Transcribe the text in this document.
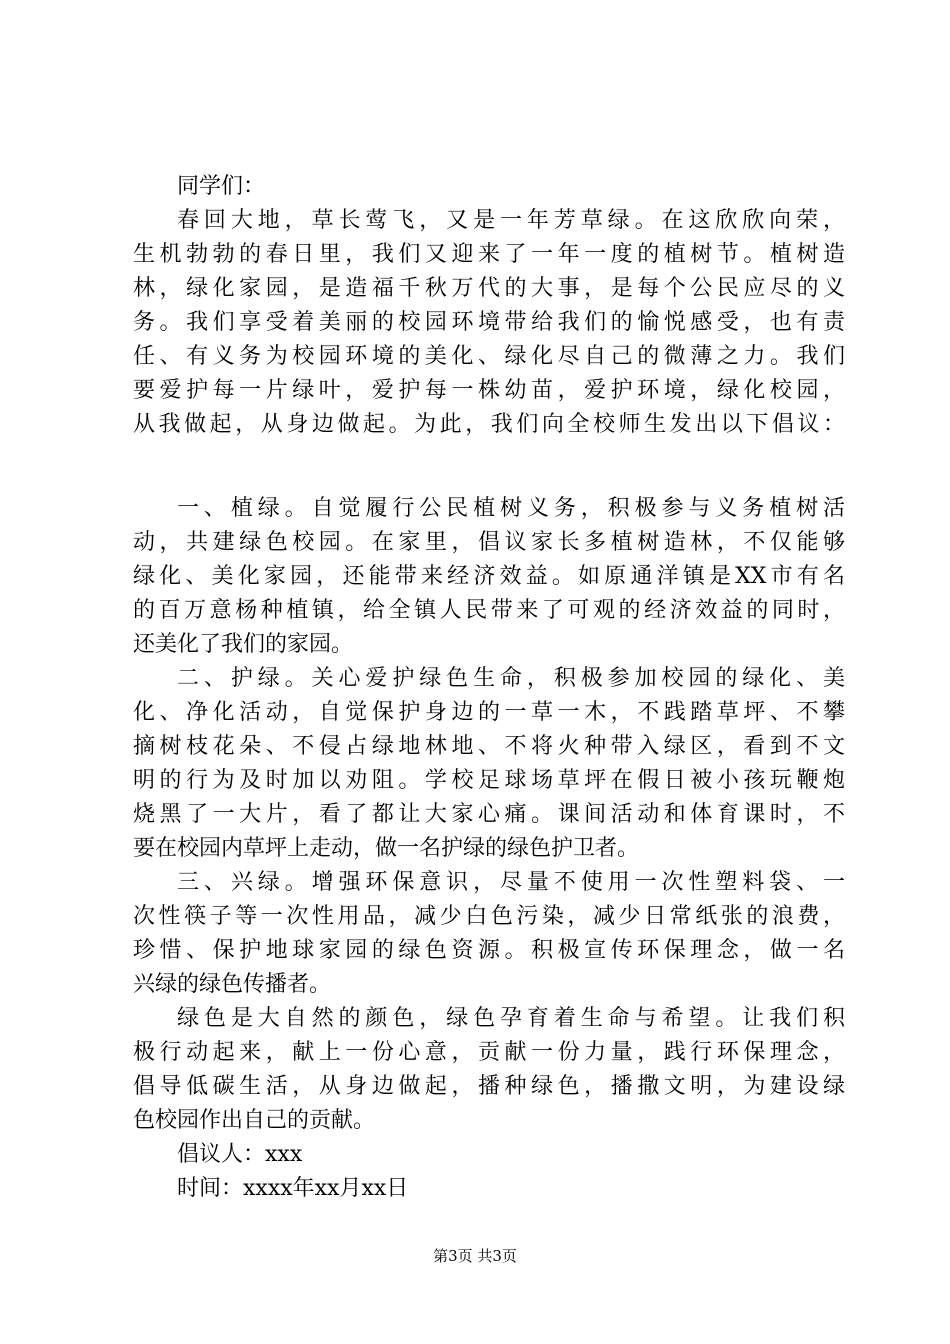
同学们：
春回大地，草长莺飞，又是一年芳草绿。在这欣欣向荣，
生机勃勃的春日里，我们又迎来了一年一度的植树节。植树造
林，绿化家园，是造福千秋万代的大事，是每个公民应尽的义
务。我们享受着美丽的校园环境带给我们的愉悦感受，也有责
任、有义务为校园环境的美化、绿化尽自己的微薄之力。我们
要爱护每一片绿叶，爱护每一株幼苗，爱护环境，绿化校园，
从我做起，从身边做起。为此，我们向全校师生发出以下倡议：
一、植绿。自觉履行公民植树义务，积极参与义务植树活
动，共建绿色校园。在家里，倡议家长多植树造林，不仅能够
绿化、美化家园，还能带来经济效益。如原通洋镇是XX市有名
的百万意杨种植镇，给全镇人民带来了可观的经济效益的同时，
还美化了我们的家园。
二、护绿。关心爱护绿色生命，积极参加校园的绿化、美
化、净化活动，自觉保护身边的一草一木，不践踏草坪、不攀
摘树枝花朵、不侵占绿地林地、不将火种带入绿区，看到不文
明的行为及时加以劝阻。学校足球场草坪在假日被小孩玩鞭炮
烧黑了一大片，看了都让大家心痛。课间活动和体育课时，不
要在校园内草坪上走动，做一名护绿的绿色护卫者。
三、兴绿。增强环保意识，尽量不使用一次性塑料袋、一
次性筷子等一次性用品，减少白色污染，减少日常纸张的浪费，
珍惜、保护地球家园的绿色资源。积极宣传环保理念，做一名
兴绿的绿色传播者。
绿色是大自然的颜色，绿色孕育着生命与希望。让我们积
极行动起来，献上一份心意，贡献一份力量，践行环保理念，
倡导低碳生活，从身边做起，播种绿色，播撒文明，为建设绿
色校园作出自己的贡献。
倡议人：xxx
时间：xxxx年xx月xx日
第3页 共3页
